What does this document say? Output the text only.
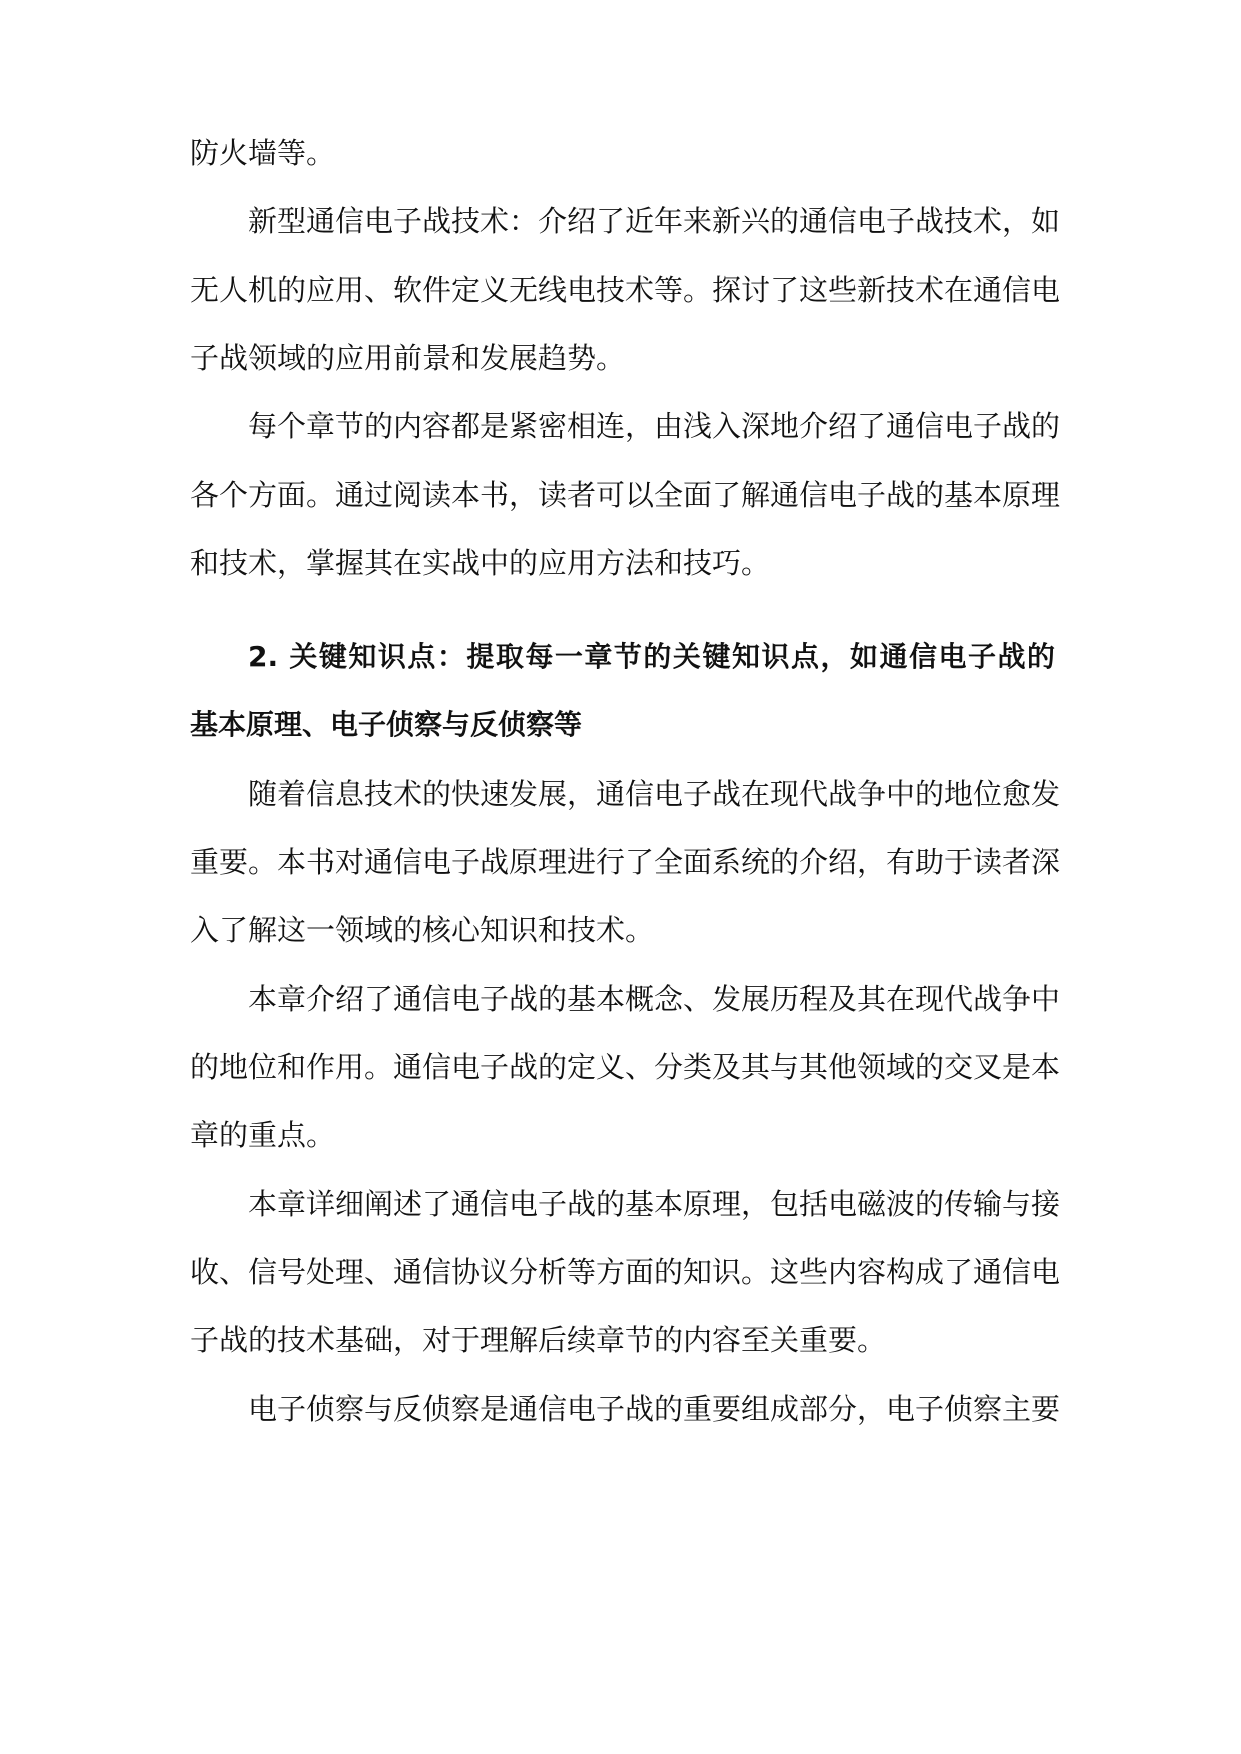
防火墙等。
新型通信电子战技术：介绍了近年来新兴的通信电子战技术，如
无人机的应用、软件定义无线电技术等。探讨了这些新技术在通信电
子战领域的应用前景和发展趋势。
每个章节的内容都是紧密相连，由浅入深地介绍了通信电子战的
各个方面。通过阅读本书，读者可以全面了解通信电子战的基本原理
和技术，掌握其在实战中的应用方法和技巧。
2. 关键知识点：提取每一章节的关键知识点，如通信电子战的
基本原理、电子侦察与反侦察等
随着信息技术的快速发展，通信电子战在现代战争中的地位愈发
重要。本书对通信电子战原理进行了全面系统的介绍，有助于读者深
入了解这一领域的核心知识和技术。
本章介绍了通信电子战的基本概念、发展历程及其在现代战争中
的地位和作用。通信电子战的定义、分类及其与其他领域的交叉是本
章的重点。
本章详细阐述了通信电子战的基本原理，包括电磁波的传输与接
收、信号处理、通信协议分析等方面的知识。这些内容构成了通信电
子战的技术基础，对于理解后续章节的内容至关重要。
电子侦察与反侦察是通信电子战的重要组成部分，电子侦察主要
